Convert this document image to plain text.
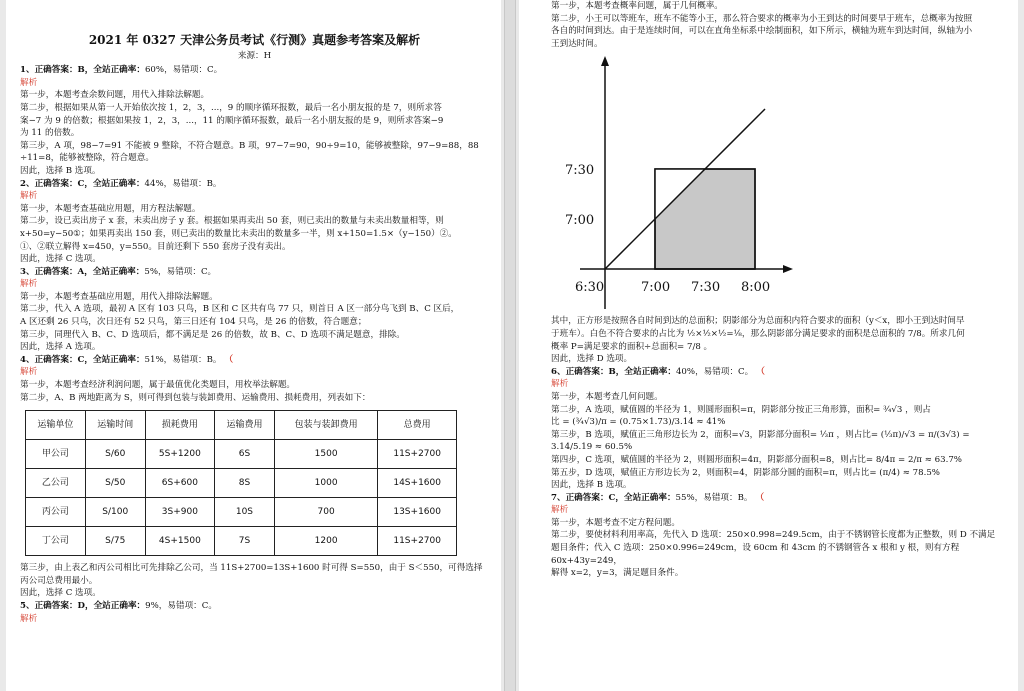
2021 年 0327 天津公务员考试《行测》真题参考答案及解析
来源：H

1、正确答案：B，全站正确率：60%，易错项：C。

解析

第一步，本题考查余数问题，用代入排除法解题。

第二步，根据如果从第一人开始依次按 1，2，3，...，9 的顺序循环报数，最后一名小朋友报的是 7，则所求答

案−7 为 9 的倍数；根据如果按 1，2，3，...，11 的顺序循环报数，最后一名小朋友报的是 9，则所求答案−9

为 11 的倍数。

第三步，A 项，98−7=91 不能被 9 整除，不符合题意。B 项，97−7=90，90÷9=10，能够被整除，97−9=88，88

÷11=8，能够被整除，符合题意。

因此，选择 B 选项。

2、正确答案：C，全站正确率：44%，易错项：B。

解析

第一步，本题考查基础应用题，用方程法解题。

第二步，设已卖出房子 x 套，未卖出房子 y 套。根据如果再卖出 50 套，则已卖出的数量与未卖出数量相等，则

x+50=y−50①；如果再卖出 150 套，则已卖出的数量比未卖出的数量多一半，则 x+150=1.5×（y−150）②。

①、②联立解得 x=450，y=550。目前还剩下 550 套房子没有卖出。

因此，选择 C 选项。

3、正确答案：A，全站正确率：5%，易错项：C。

解析

第一步，本题考查基础应用题，用代入排除法解题。

第二步，代入 A 选项，最初 A 区有 103 只鸟，B 区和 C 区共有鸟 77 只，则首日 A 区一部分鸟飞到 B、C 区后，

A 区还剩 26 只鸟，次日还有 52 只鸟，第三日还有 104 只鸟，是 26 的倍数，符合题意；

第三步，同理代入 B、C、D 选项后，都不满足是 26 的倍数，故 B、C、D 选项不满足题意，排除。

因此，选择 A 选项。

4、正确答案：C，全站正确率：51%，易错项：B。 （

解析

第一步，本题考查经济利润问题，属于最值优化类题目，用枚举法解题。

第二步，A、B 两地距离为 S，则可得到包装与装卸费用、运输费用、损耗费用，列表如下：

运输单位	运输时间	损耗费用	运输费用	包装与装卸费用	总费用
甲公司	S/60	5S+1200	6S	1500	11S+2700
乙公司	S/50	6S+600	8S	1000	14S+1600
丙公司	S/100	3S+900	10S	700	13S+1600
丁公司	S/75	4S+1500	7S	1200	11S+2700

第三步，由上表乙和丙公司相比可先排除乙公司，当 11S+2700=13S+1600 时可得 S=550，由于 S＜550，可得选择

丙公司总费用最小。

因此，选择 C 选项。

5、正确答案：D，全站正确率：9%，易错项：C。

解析

第一步，本题考查概率问题，属于几何概率。

第二步，小王可以等班车，班车不能等小王，那么符合要求的概率为小王到达的时间要早于班车，总概率为按照

各自的时间到达。由于是连续时间，可以在直角坐标系中绘制面积，如下所示，横轴为班车到达时间，纵轴为小

王到达时间。

6:30	7:00 7:30 8:00
7:00
7:30

其中，正方形是按照各自时间到达的总面积；阴影部分为总面积内符合要求的面积（y＜x，即小王到达时间早

于班车）。白色不符合要求的占比为 ½×½×½=⅛，那么阴影部分满足要求的面积是总面积的 7/8。所求几何

概率 P=满足要求的面积÷总面积= 7/8 。

因此，选择 D 选项。

6、正确答案：B，全站正确率：40%，易错项：C。 （

解析

第一步，本题考查几何问题。

第二步，A 选项，赋值圆的半径为 1，则圆形面积=π，阴影部分按正三角形算，面积= ¾√3 ，则占

比 = (¾√3)/π = (0.75×1.73)/3.14 ≈ 41%

第三步，B 选项，赋值正三角形边长为 2，面积=√3，阴影部分面积= ⅓π ，则占比= (⅓π)/√3 = π/(3√3) = 3.14/5.19 ≈ 60.5%

第四步，C 选项，赋值圆的半径为 2，则圆形面积=4π，阴影部分面积=8，则占比= 8/4π = 2/π ≈ 63.7%

第五步，D 选项，赋值正方形边长为 2，则面积=4，阴影部分圆的面积=π，则占比= (π/4) ≈ 78.5%

因此，选择 B 选项。

7、正确答案：C，全站正确率：55%，易错项：B。 （

解析

第一步，本题考查不定方程问题。

第二步，要使材料利用率高，先代入 D 选项：250×0.998=249.5cm，由于不锈钢管长度都为正整数，则 D 不满足

题目条件；代入 C 选项：250×0.996=249cm，设 60cm 和 43cm 的不锈钢管各 x 根和 y 根，则有方程 60x+43y=249，

解得 x=2，y=3，满足题目条件。
